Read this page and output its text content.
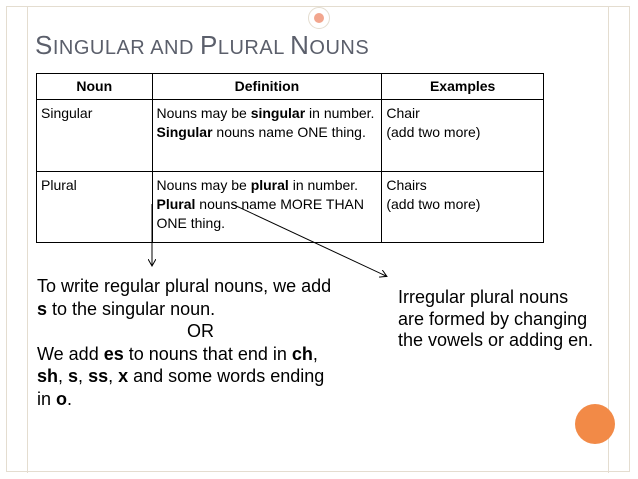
SINGULAR AND PLURAL NOUNS
Noun	Definition	Examples
Singular	Nouns may be singular in number. Singular nouns name ONE thing.	Chair
(add two more)

Plural	Nouns may be plural in number. Plural nouns name MORE THAN ONE thing.	Chairs
(add two more)

To write regular plural nouns, we add s to the singular noun.
OR
We add es to nouns that end in ch, sh, s, ss, x and some words ending in o.

Irregular plural nouns are formed by changing the vowels or adding en.
